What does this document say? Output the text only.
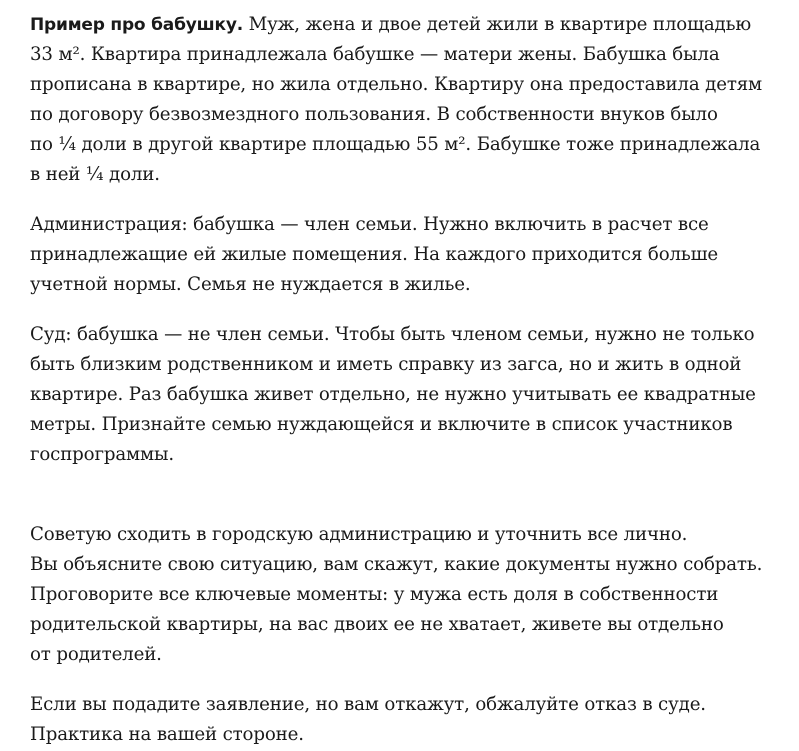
Пример про бабушку. Муж, жена и двое детей жили в квартире площадью
33 м². Квартира принадлежала бабушке — матери жены. Бабушка была
прописана в квартире, но жила отдельно. Квартиру она предоставила детям
по договору безвозмездного пользования. В собственности внуков было
по ¼ доли в другой квартире площадью 55 м². Бабушке тоже принадлежала
в ней ¼ доли.

Администрация: бабушка — член семьи. Нужно включить в расчет все
принадлежащие ей жилые помещения. На каждого приходится больше
учетной нормы. Семья не нуждается в жилье.

Суд: бабушка — не член семьи. Чтобы быть членом семьи, нужно не только
быть близким родственником и иметь справку из загса, но и жить в одной
квартире. Раз бабушка живет отдельно, не нужно учитывать ее квадратные
метры. Признайте семью нуждающейся и включите в список участников
госпрограммы.

Советую сходить в городскую администрацию и уточнить все лично.
Вы объясните свою ситуацию, вам скажут, какие документы нужно собрать.
Проговорите все ключевые моменты: у мужа есть доля в собственности
родительской квартиры, на вас двоих ее не хватает, живете вы отдельно
от родителей.

Если вы подадите заявление, но вам откажут, обжалуйте отказ в суде.
Практика на вашей стороне.
